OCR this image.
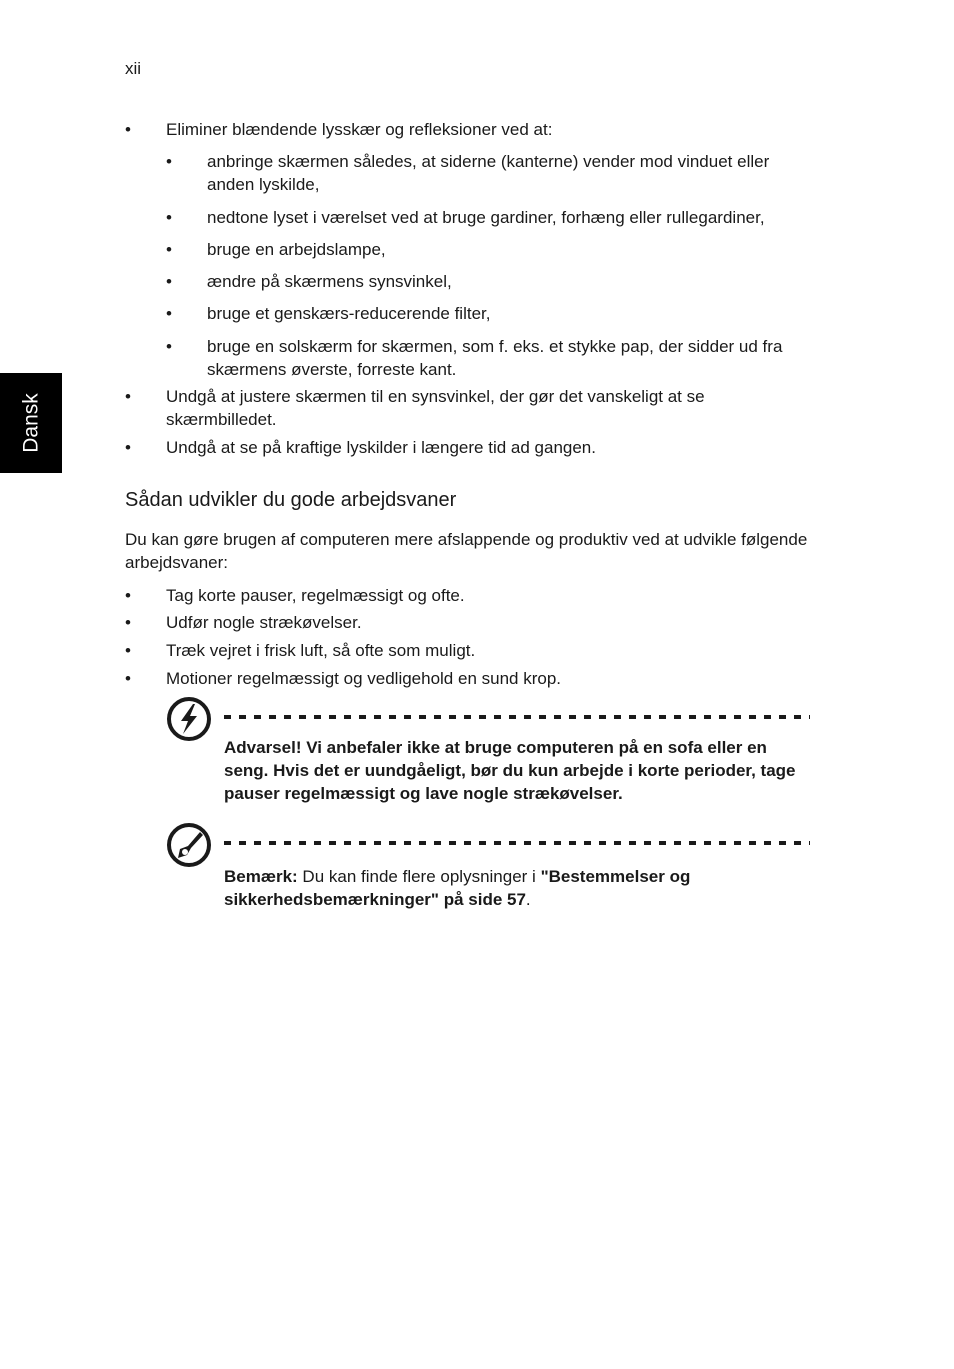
xii
Dansk
• Eliminer blændende lysskær og refleksioner ved at:
• anbringe skærmen således, at siderne (kanterne) vender mod vinduet eller anden lyskilde,
• nedtone lyset i værelset ved at bruge gardiner, forhæng eller rullegardiner,
• bruge en arbejdslampe,
• ændre på skærmens synsvinkel,
• bruge et genskærs-reducerende filter,
• bruge en solskærm for skærmen, som f. eks. et stykke pap, der sidder ud fra skærmens øverste, forreste kant.
• Undgå at justere skærmen til en synsvinkel, der gør det vanskeligt at se skærmbilledet.
• Undgå at se på kraftige lyskilder i længere tid ad gangen.
Sådan udvikler du gode arbejdsvaner
Du kan gøre brugen af computeren mere afslappende og produktiv ved at udvikle følgende arbejdsvaner:
• Tag korte pauser, regelmæssigt og ofte.
• Udfør nogle strækøvelser.
• Træk vejret i frisk luft, så ofte som muligt.
• Motioner regelmæssigt og vedligehold en sund krop.
Advarsel! Vi anbefaler ikke at bruge computeren på en sofa eller en seng. Hvis det er uundgåeligt, bør du kun arbejde i korte perioder, tage pauser regelmæssigt og lave nogle strækøvelser.
Bemærk: Du kan finde flere oplysninger i "Bestemmelser og sikkerhedsbemærkninger" på side 57.
